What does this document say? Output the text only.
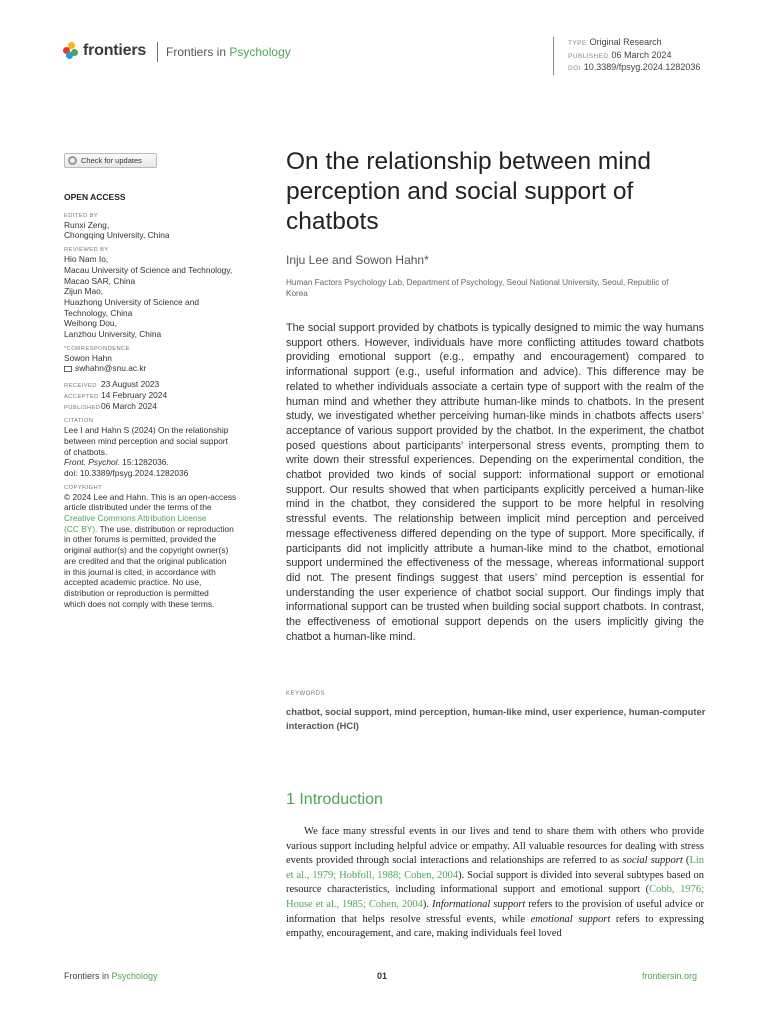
frontiers	Frontiers in Psychology
TYPE Original Research
PUBLISHED 06 March 2024
DOI 10.3389/fpsyg.2024.1282036
Check for updates
OPEN ACCESS
EDITED BY
Runxi Zeng,
Chongqing University, China
REVIEWED BY
Hio Nam Io,
Macau University of Science and Technology,
Macao SAR, China
Zijun Mao,
Huazhong University of Science and
Technology, China
Weihong Dou,
Lanzhou University, China
*CORRESPONDENCE
Sowon Hahn
swhahn@snu.ac.kr
RECEIVED 23 August 2023
ACCEPTED 14 February 2024
PUBLISHED06 March 2024
CITATION
Lee I and Hahn S (2024) On the relationship
between mind perception and social support
of chatbots.
Front. Psychol. 15:1282036.
doi: 10.3389/fpsyg.2024.1282036
COPYRIGHT
© 2024 Lee and Hahn. This is an open-access
article distributed under the terms of the
Creative Commons Attribution License
(CC BY). The use, distribution or reproduction
in other forums is permitted, provided the
original author(s) and the copyright owner(s)
are credited and that the original publication
in this journal is cited, in accordance with
accepted academic practice. No use,
distribution or reproduction is permitted
which does not comply with these terms.
On the relationship between mind perception and social support of chatbots
Inju Lee and Sowon Hahn*
Human Factors Psychology Lab, Department of Psychology, Seoul National University, Seoul, Republic of Korea
The social support provided by chatbots is typically designed to mimic the way humans support others. However, individuals have more conflicting attitudes toward chatbots providing emotional support (e.g., empathy and encouragement) compared to informational support (e.g., useful information and advice). This difference may be related to whether individuals associate a certain type of support with the realm of the human mind and whether they attribute human-like minds to chatbots. In the present study, we investigated whether perceiving human-like minds in chatbots affects users’ acceptance of various support provided by the chatbot. In the experiment, the chatbot posed questions about participants’ interpersonal stress events, prompting them to write down their stressful experiences. Depending on the experimental condition, the chatbot provided two kinds of social support: informational support or emotional support. Our results showed that when participants explicitly perceived a human-like mind in the chatbot, they considered the support to be more helpful in resolving stressful events. The relationship between implicit mind perception and perceived message effectiveness differed depending on the type of support. More specifically, if participants did not implicitly attribute a human-like mind to the chatbot, emotional support undermined the effectiveness of the message, whereas informational support did not. The present findings suggest that users’ mind perception is essential for understanding the user experience of chatbot social support. Our findings imply that informational support can be trusted when building social support chatbots. In contrast, the effectiveness of emotional support depends on the users implicitly giving the chatbot a human-like mind.
KEYWORDS
chatbot, social support, mind perception, human-like mind, user experience, human-computer interaction (HCI)
1 Introduction
We face many stressful events in our lives and tend to share them with others who provide various support including helpful advice or empathy. All valuable resources for dealing with stress events provided through social interactions and relationships are referred to as social support (Lin et al., 1979; Hobfoll, 1988; Cohen, 2004). Social support is divided into several subtypes based on resource characteristics, including informational support and emotional support (Cobb, 1976; House et al., 1985; Cohen, 2004). Informational support refers to the provision of useful advice or information that helps resolve stressful events, while emotional support refers to expressing empathy, encouragement, and care, making individuals feel loved
Frontiers in Psychology	01	frontiersin.org
